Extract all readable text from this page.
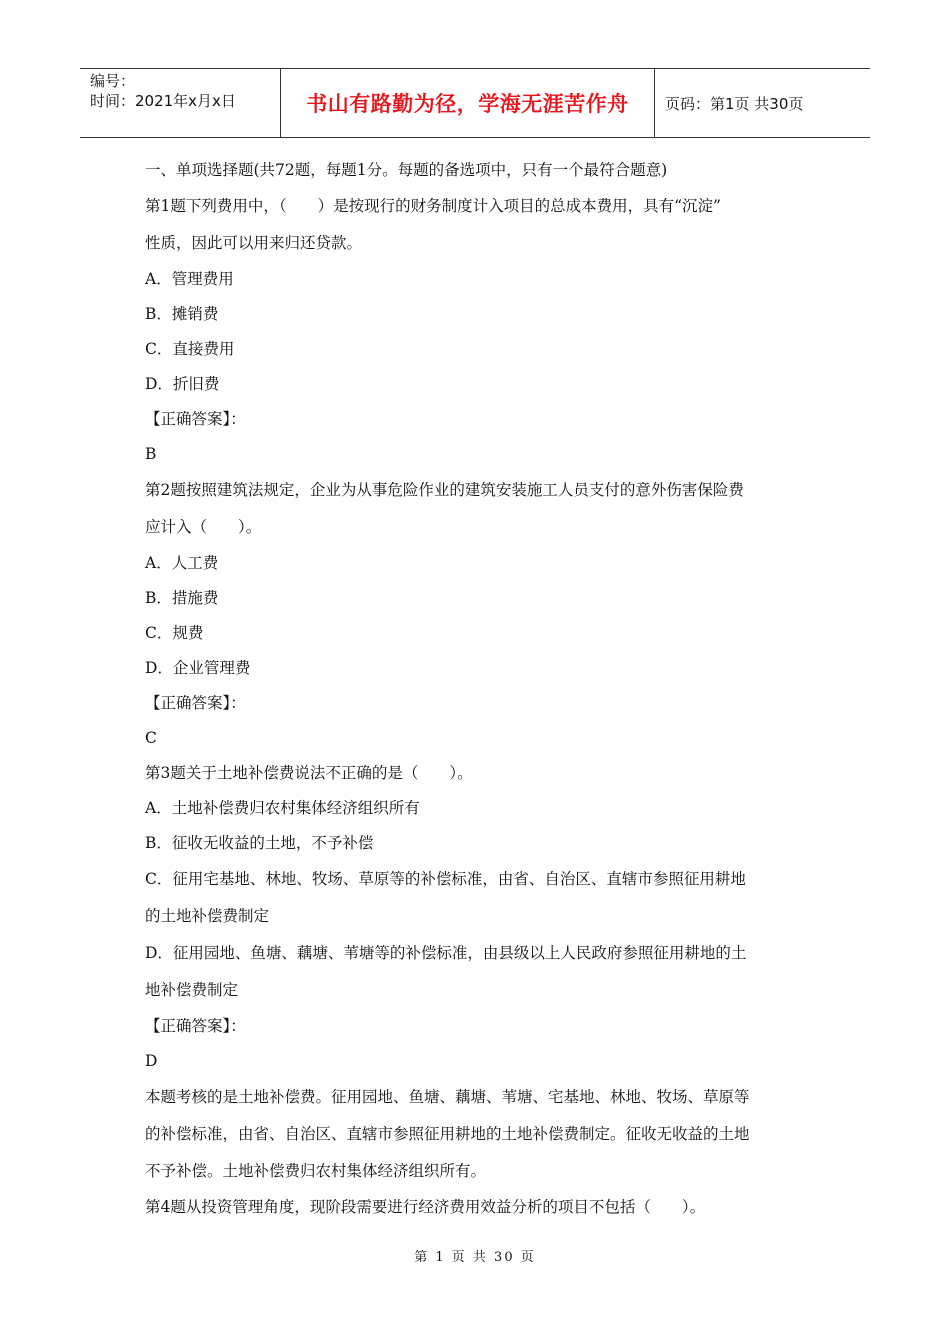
编号：
时间：2021年x月x日	书山有路勤为径，学海无涯苦作舟 页码：第1页 共30页
一、单项选择题(共72题，每题1分。每题的备选项中，只有一个最符合题意)
第1题下列费用中，（　　）是按现行的财务制度计入项目的总成本费用，具有“沉淀”
性质，因此可以用来归还贷款。
A．管理费用
B．摊销费
C．直接费用
D．折旧费
【正确答案】：
B
第2题按照建筑法规定，企业为从事危险作业的建筑安装施工人员支付的意外伤害保险费
应计入（　　）。
A．人工费
B．措施费
C．规费
D．企业管理费
【正确答案】：
C
第3题关于土地补偿费说法不正确的是（　　）。
A．土地补偿费归农村集体经济组织所有
B．征收无收益的土地，不予补偿
C．征用宅基地、林地、牧场、草原等的补偿标准，由省、自治区、直辖市参照征用耕地
的土地补偿费制定
D．征用园地、鱼塘、藕塘、苇塘等的补偿标准，由县级以上人民政府参照征用耕地的土
地补偿费制定
【正确答案】：
D
本题考核的是土地补偿费。征用园地、鱼塘、藕塘、苇塘、宅基地、林地、牧场、草原等
的补偿标准，由省、自治区、直辖市参照征用耕地的土地补偿费制定。征收无收益的土地
不予补偿。土地补偿费归农村集体经济组织所有。
第4题从投资管理角度，现阶段需要进行经济费用效益分析的项目不包括（　　）。
第 1 页 共 30 页
